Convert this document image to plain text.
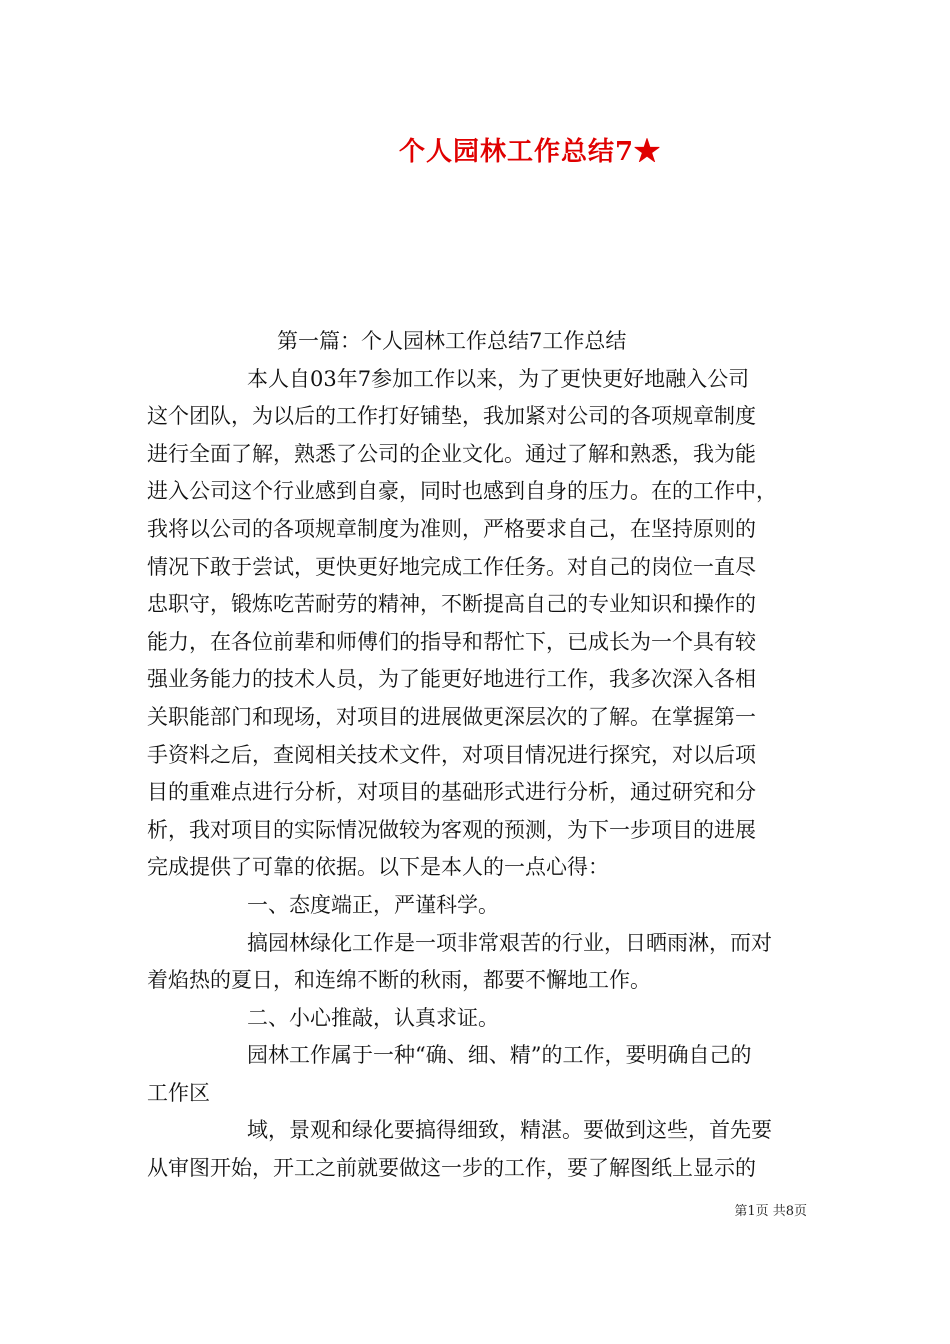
个人园林工作总结7★
第一篇：个人园林工作总结7工作总结
本人自03年7参加工作以来，为了更快更好地融入公司
这个团队，为以后的工作打好铺垫，我加紧对公司的各项规章制度
进行全面了解，熟悉了公司的企业文化。通过了解和熟悉，我为能
进入公司这个行业感到自豪，同时也感到自身的压力。在的工作中，
我将以公司的各项规章制度为准则，严格要求自己，在坚持原则的
情况下敢于尝试，更快更好地完成工作任务。对自己的岗位一直尽
忠职守，锻炼吃苦耐劳的精神，不断提高自己的专业知识和操作的
能力，在各位前辈和师傅们的指导和帮忙下，已成长为一个具有较
强业务能力的技术人员，为了能更好地进行工作，我多次深入各相
关职能部门和现场，对项目的进展做更深层次的了解。在掌握第一
手资料之后，查阅相关技术文件，对项目情况进行探究，对以后项
目的重难点进行分析，对项目的基础形式进行分析，通过研究和分
析，我对项目的实际情况做较为客观的预测，为下一步项目的进展
完成提供了可靠的依据。以下是本人的一点心得：
一、态度端正，严谨科学。
搞园林绿化工作是一项非常艰苦的行业，日晒雨淋，而对
着焰热的夏日，和连绵不断的秋雨，都要不懈地工作。
二、小心推敲，认真求证。
园林工作属于一种“确、细、精”的工作，要明确自己的
工作区
域，景观和绿化要搞得细致，精湛。要做到这些，首先要
从审图开始，开工之前就要做这一步的工作，要了解图纸上显示的
第1页 共8页
